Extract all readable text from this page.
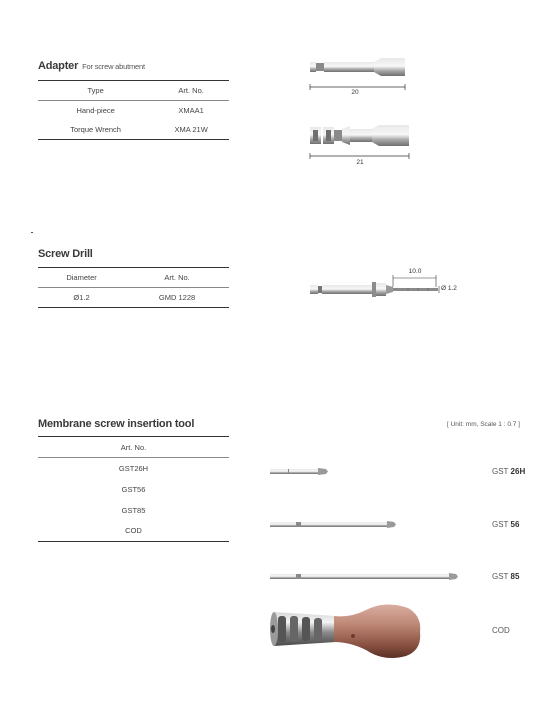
Adapter For screw abutment
Type	Art. No.
Hand-piece	XMAA1
Torque Wrench	XMA 21W
20
21
Screw Drill
Diameter	Art. No.
Ø1.2	GMD 1228
10.0
Ø 1.2
Membrane screw insertion tool	[ Unit: mm, Scale 1 : 0.7 ]
Art. No.
GST26H
GST56
GST85
COD
GST 26H
GST 56
GST 85
COD
